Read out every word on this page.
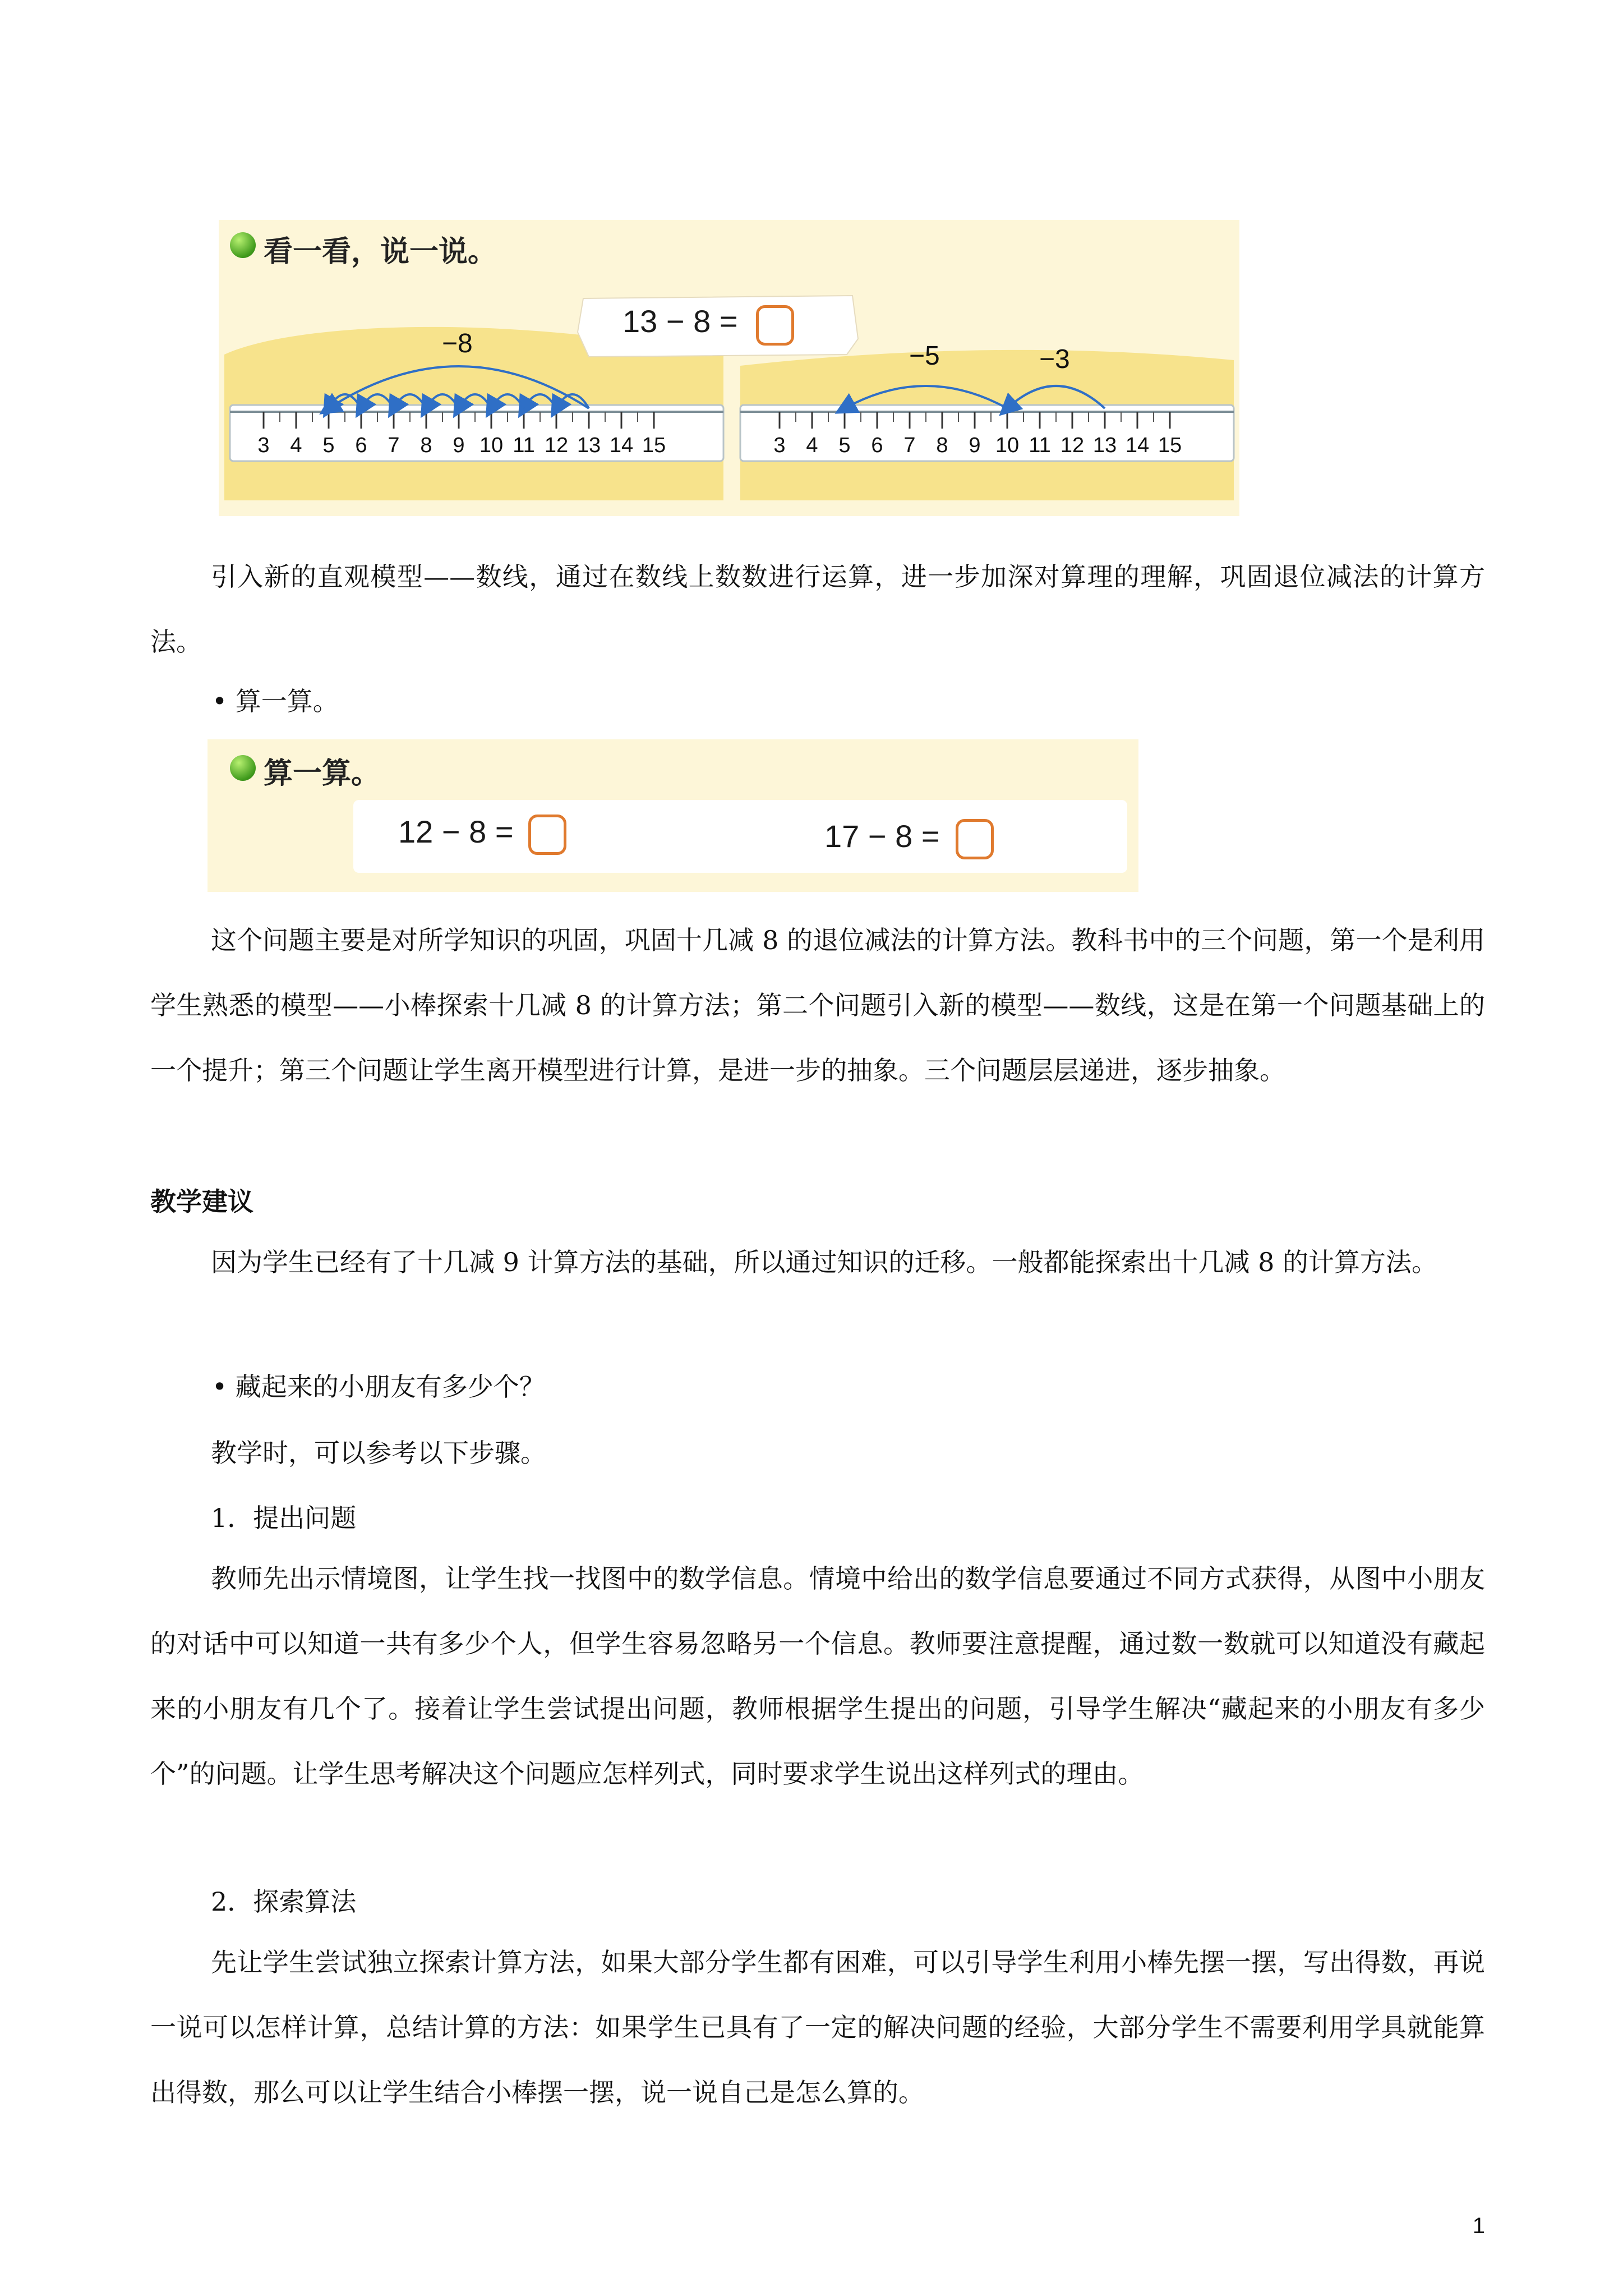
看一看，说一说。
3 4 5 6 7 8 9 10 11 12 13 14 15	3 4 5 6 7 8 9 10 11 12 13 14 15
−8	−5	−3
13 − 8 =
引入新的直观模型——数线，通过在数线上数数进行运算，进一步加深对算理的理解，巩固退位减法的计算方法。
• 算一算。
算一算。
12 − 8 =	17 − 8 =
这个问题主要是对所学知识的巩固，巩固十几减 8 的退位减法的计算方法。教科书中的三个问题，第一个是利用学生熟悉的模型——小棒探索十几减 8 的计算方法；第二个问题引入新的模型——数线，这是在第一个问题基础上的一个提升；第三个问题让学生离开模型进行计算，是进一步的抽象。三个问题层层递进，逐步抽象。
教学建议
因为学生已经有了十几减 9 计算方法的基础，所以通过知识的迁移。一般都能探索出十几减 8 的计算方法。
• 藏起来的小朋友有多少个？
教学时，可以参考以下步骤。
1．提出问题
教师先出示情境图，让学生找一找图中的数学信息。情境中给出的数学信息要通过不同方式获得，从图中小朋友的对话中可以知道一共有多少个人，但学生容易忽略另一个信息。教师要注意提醒，通过数一数就可以知道没有藏起来的小朋友有几个了。接着让学生尝试提出问题，教师根据学生提出的问题，引导学生解决“藏起来的小朋友有多少个”的问题。让学生思考解决这个问题应怎样列式，同时要求学生说出这样列式的理由。
2．探索算法
先让学生尝试独立探索计算方法，如果大部分学生都有困难，可以引导学生利用小棒先摆一摆，写出得数，再说一说可以怎样计算，总结计算的方法：如果学生已具有了一定的解决问题的经验，大部分学生不需要利用学具就能算出得数，那么可以让学生结合小棒摆一摆，说一说自己是怎么算的。
1
